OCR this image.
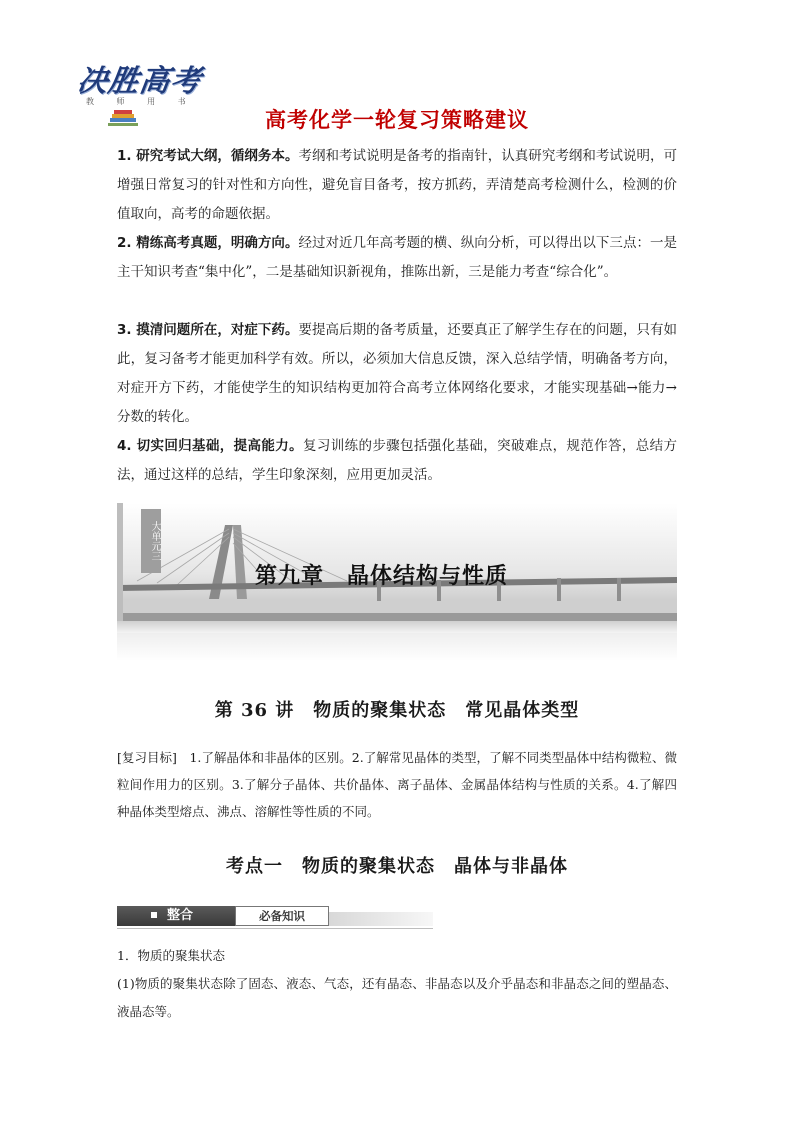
决胜高考
教 师 用 书
高考化学一轮复习策略建议

1. 研究考试大纲，循纲务本。考纲和考试说明是备考的指南针，认真研究考纲和考试说明，可增强日常复习的针对性和方向性，避免盲目备考，按方抓药，弄清楚高考检测什么，检测的价值取向，高考的命题依据。

2. 精练高考真题，明确方向。经过对近几年高考题的横、纵向分析，可以得出以下三点：一是主干知识考查“集中化”，二是基础知识新视角，推陈出新，三是能力考查“综合化”。

3. 摸清问题所在，对症下药。要提高后期的备考质量，还要真正了解学生存在的问题，只有如此，复习备考才能更加科学有效。所以，必须加大信息反馈，深入总结学情，明确备考方向，对症开方下药，才能使学生的知识结构更加符合高考立体网络化要求，才能实现基础→能力→分数的转化。

4. 切实回归基础，提高能力。复习训练的步骤包括强化基础，突破难点，规范作答，总结方法，通过这样的总结，学生印象深刻，应用更加灵活。

大单元三
第九章　晶体结构与性质
第 36 讲　物质的聚集状态　常见晶体类型

[复习目标]　1.了解晶体和非晶体的区别。2.了解常见晶体的类型，了解不同类型晶体中结构微粒、微粒间作用力的区别。3.了解分子晶体、共价晶体、离子晶体、金属晶体结构与性质的关系。4.了解四种晶体类型熔点、沸点、溶解性等性质的不同。

考点一　物质的聚集状态　晶体与非晶体
整合	必备知识

1．物质的聚集状态

(1)物质的聚集状态除了固态、液态、气态，还有晶态、非晶态以及介乎晶态和非晶态之间的塑晶态、液晶态等。
